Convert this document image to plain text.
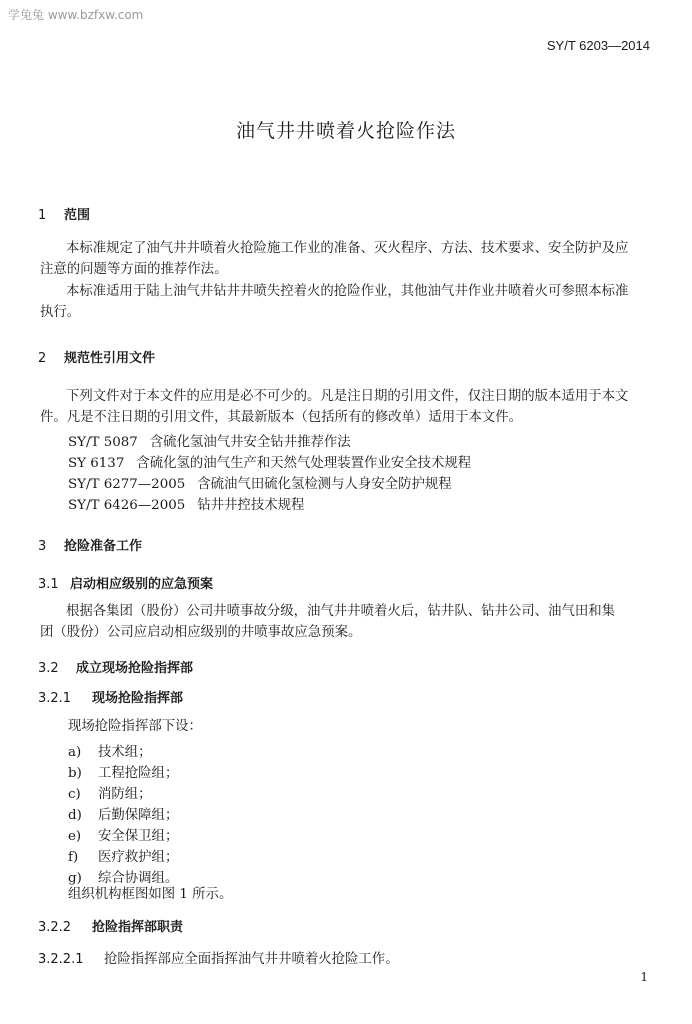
学兔兔 www.bzfxw.com
SY/T 6203—2014
油气井井喷着火抢险作法
1 范围
本标准规定了油气井井喷着火抢险施工作业的准备、灭火程序、方法、技术要求、安全防护及应
注意的问题等方面的推荐作法。
本标准适用于陆上油气井钻井井喷失控着火的抢险作业，其他油气井作业井喷着火可参照本标准
执行。
2 规范性引用文件
下列文件对于本文件的应用是必不可少的。凡是注日期的引用文件，仅注日期的版本适用于本文
件。凡是不注日期的引用文件，其最新版本（包括所有的修改单）适用于本文件。
SY/T 5087 含硫化氢油气井安全钻井推荐作法
SY 6137 含硫化氢的油气生产和天然气处理装置作业安全技术规程
SY/T 6277—2005 含硫油气田硫化氢检测与人身安全防护规程
SY/T 6426—2005 钻井井控技术规程
3 抢险准备工作
3.1 启动相应级别的应急预案
根据各集团（股份）公司井喷事故分级，油气井井喷着火后，钻井队、钻井公司、油气田和集
团（股份）公司应启动相应级别的井喷事故应急预案。
3.2 成立现场抢险指挥部
3.2.1 现场抢险指挥部
现场抢险指挥部下设：
a) 技术组；
b) 工程抢险组；
c) 消防组；
d) 后勤保障组；
e) 安全保卫组；
f) 医疗救护组；
g) 综合协调组。
组织机构框图如图 1 所示。
3.2.2 抢险指挥部职责
3.2.2.1 抢险指挥部应全面指挥油气井井喷着火抢险工作。
1
